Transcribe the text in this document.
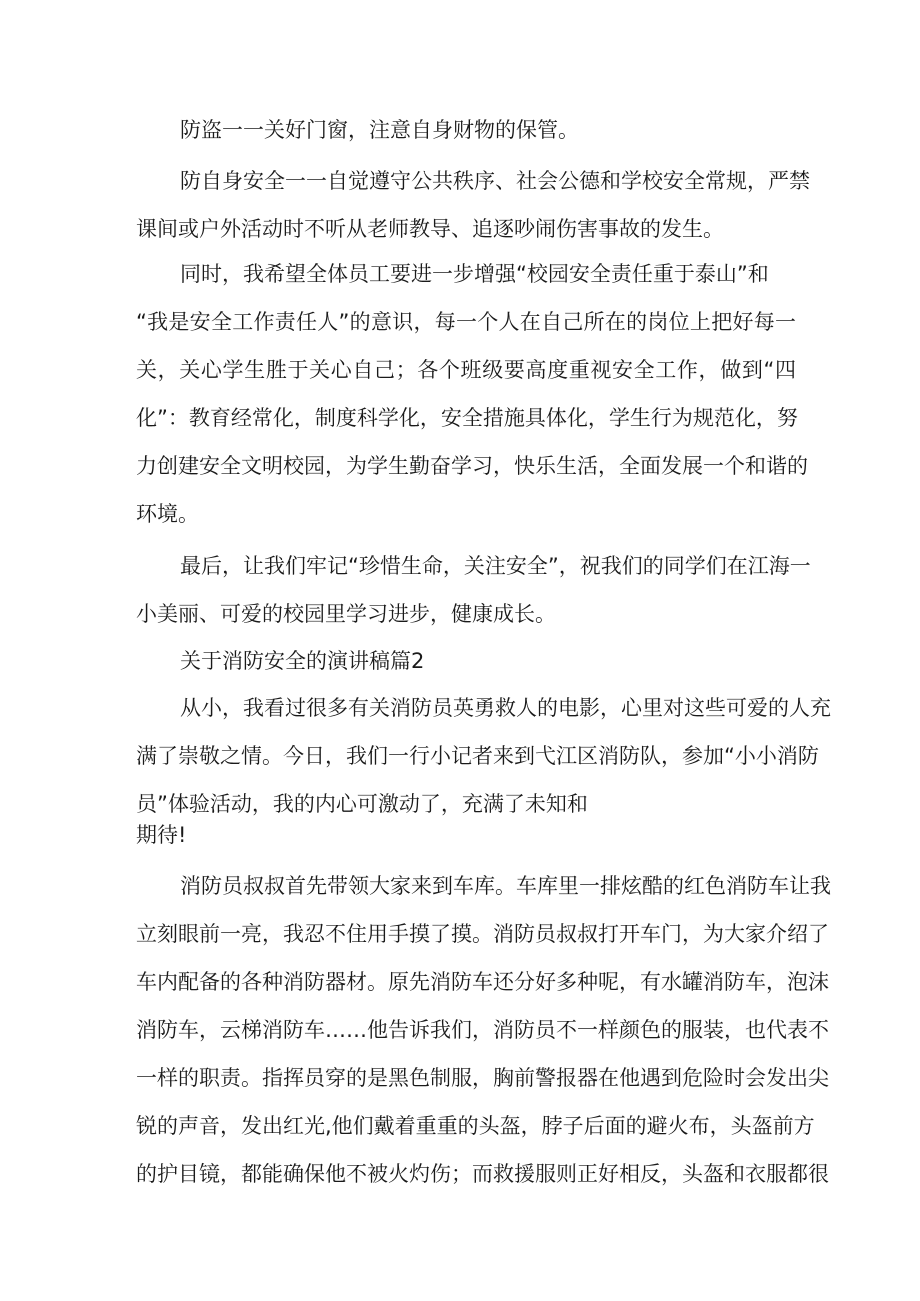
防盗一一关好门窗，注意自身财物的保管。
防自身安全一一自觉遵守公共秩序、社会公德和学校安全常规，严禁
课间或户外活动时不听从老师教导、追逐吵闹伤害事故的发生。
同时，我希望全体员工要进一步增强“校园安全责任重于泰山”和
“我是安全工作责任人”的意识，每一个人在自己所在的岗位上把好每一
关，关心学生胜于关心自己；各个班级要高度重视安全工作，做到“四
化”：教育经常化，制度科学化，安全措施具体化，学生行为规范化，努
力创建安全文明校园，为学生勤奋学习，快乐生活，全面发展一个和谐的
环境。
最后，让我们牢记“珍惜生命，关注安全”，祝我们的同学们在江海一
小美丽、可爱的校园里学习进步，健康成长。
关于消防安全的演讲稿篇2
从小，我看过很多有关消防员英勇救人的电影，心里对这些可爱的人充
满了崇敬之情。今日，我们一行小记者来到弋江区消防队，参加“小小消防
员”体验活动，我的内心可激动了，充满了未知和
期待!
消防员叔叔首先带领大家来到车库。车库里一排炫酷的红色消防车让我
立刻眼前一亮，我忍不住用手摸了摸。消防员叔叔打开车门，为大家介绍了
车内配备的各种消防器材。原先消防车还分好多种呢，有水罐消防车，泡沫
消防车，云梯消防车……他告诉我们，消防员不一样颜色的服装，也代表不
一样的职责。指挥员穿的是黑色制服，胸前警报器在他遇到危险时会发出尖
锐的声音，发出红光,他们戴着重重的头盔，脖子后面的避火布，头盔前方
的护目镜，都能确保他不被火灼伤；而救援服则正好相反，头盔和衣服都很
